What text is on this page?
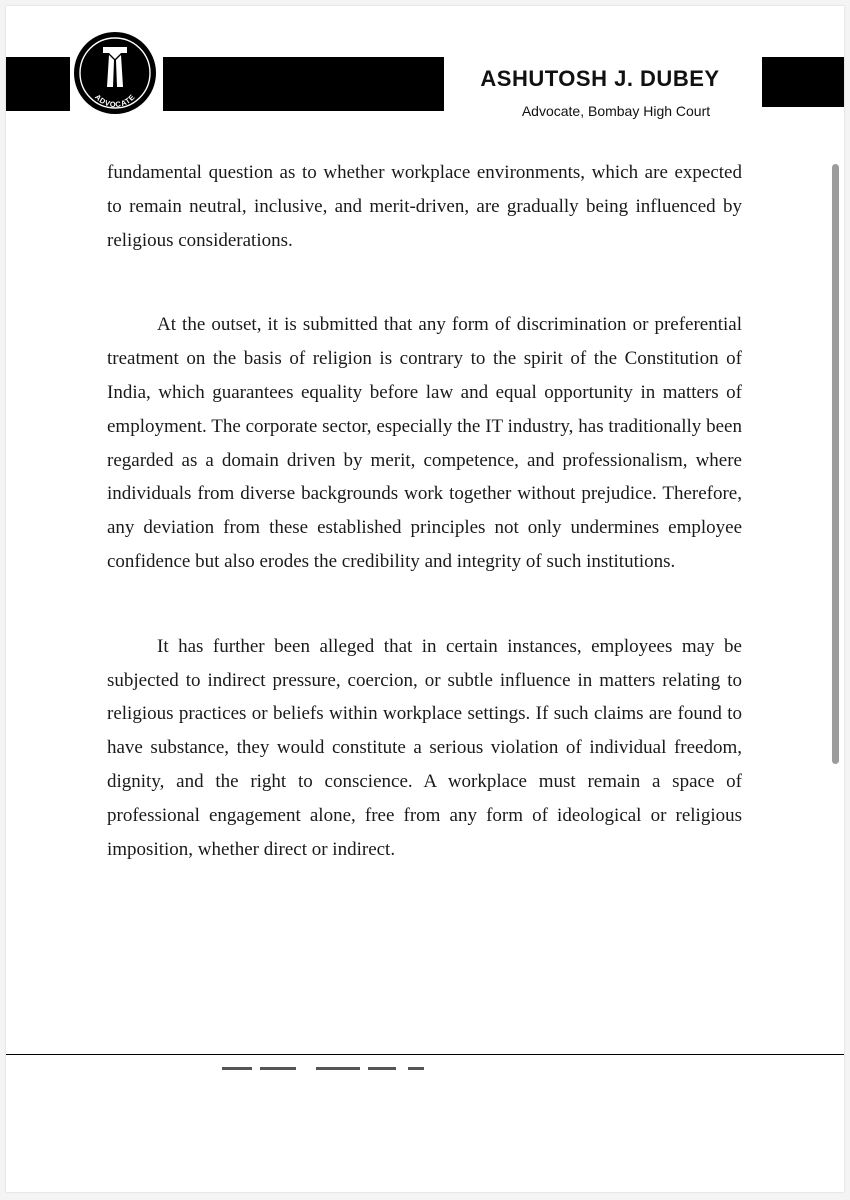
ADVOCATE
ASHUTOSH J. DUBEY

Advocate, Bombay High Court

fundamental question as to whether workplace environments, which are expected to remain neutral, inclusive, and merit-driven, are gradually being influenced by religious considerations.

At the outset, it is submitted that any form of discrimination or preferential treatment on the basis of religion is contrary to the spirit of the Constitution of India, which guarantees equality before law and equal opportunity in matters of employment. The corporate sector, especially the IT industry, has traditionally been regarded as a domain driven by merit, competence, and professionalism, where individuals from diverse backgrounds work together without prejudice. Therefore, any deviation from these established principles not only undermines employee confidence but also erodes the credibility and integrity of such institutions.

It has further been alleged that in certain instances, employees may be subjected to indirect pressure, coercion, or subtle influence in matters relating to religious practices or beliefs within workplace settings. If such claims are found to have substance, they would constitute a serious violation of individual freedom, dignity, and the right to conscience. A workplace must remain a space of professional engagement alone, free from any form of ideological or religious imposition, whether direct or indirect.
